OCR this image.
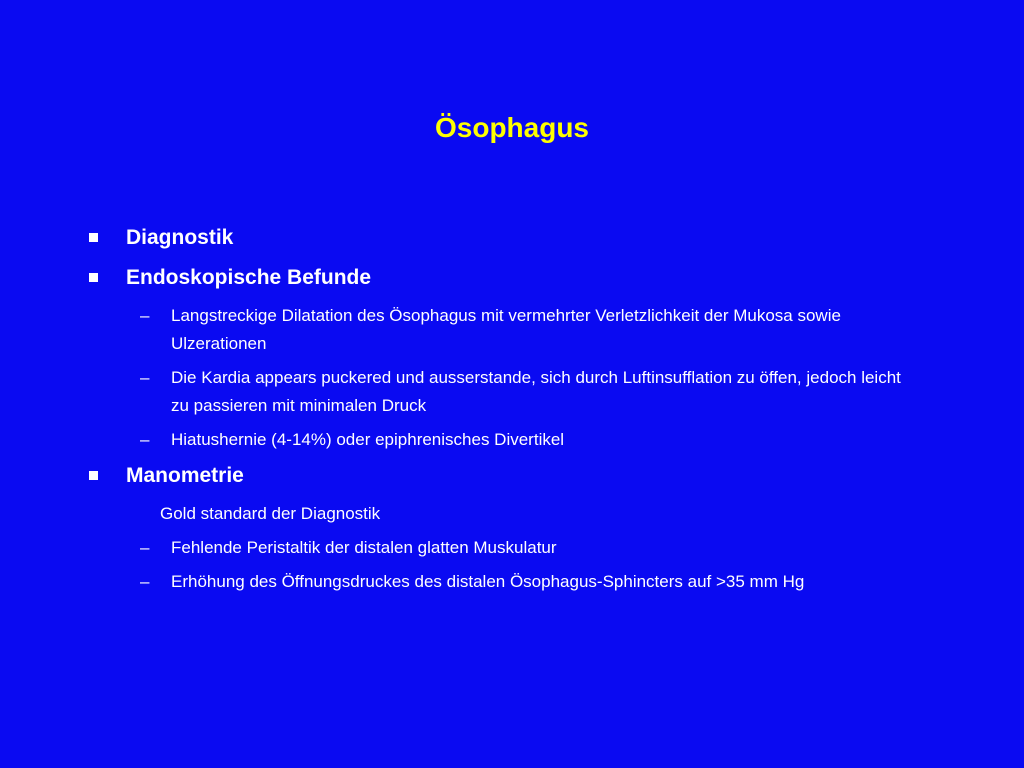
Ösophagus
Diagnostik
Endoskopische Befunde
– Langstreckige Dilatation des Ösophagus mit vermehrter Verletzlichkeit der Mukosa sowie Ulzerationen
– Die Kardia appears puckered und ausserstande, sich durch Luftinsufflation zu öffen, jedoch leicht zu passieren mit minimalen Druck
– Hiatushernie (4-14%) oder epiphrenisches Divertikel
Manometrie
Gold standard der Diagnostik
– Fehlende Peristaltik der distalen glatten Muskulatur
– Erhöhung des Öffnungsdruckes des distalen Ösophagus-Sphincters auf >35 mm Hg
